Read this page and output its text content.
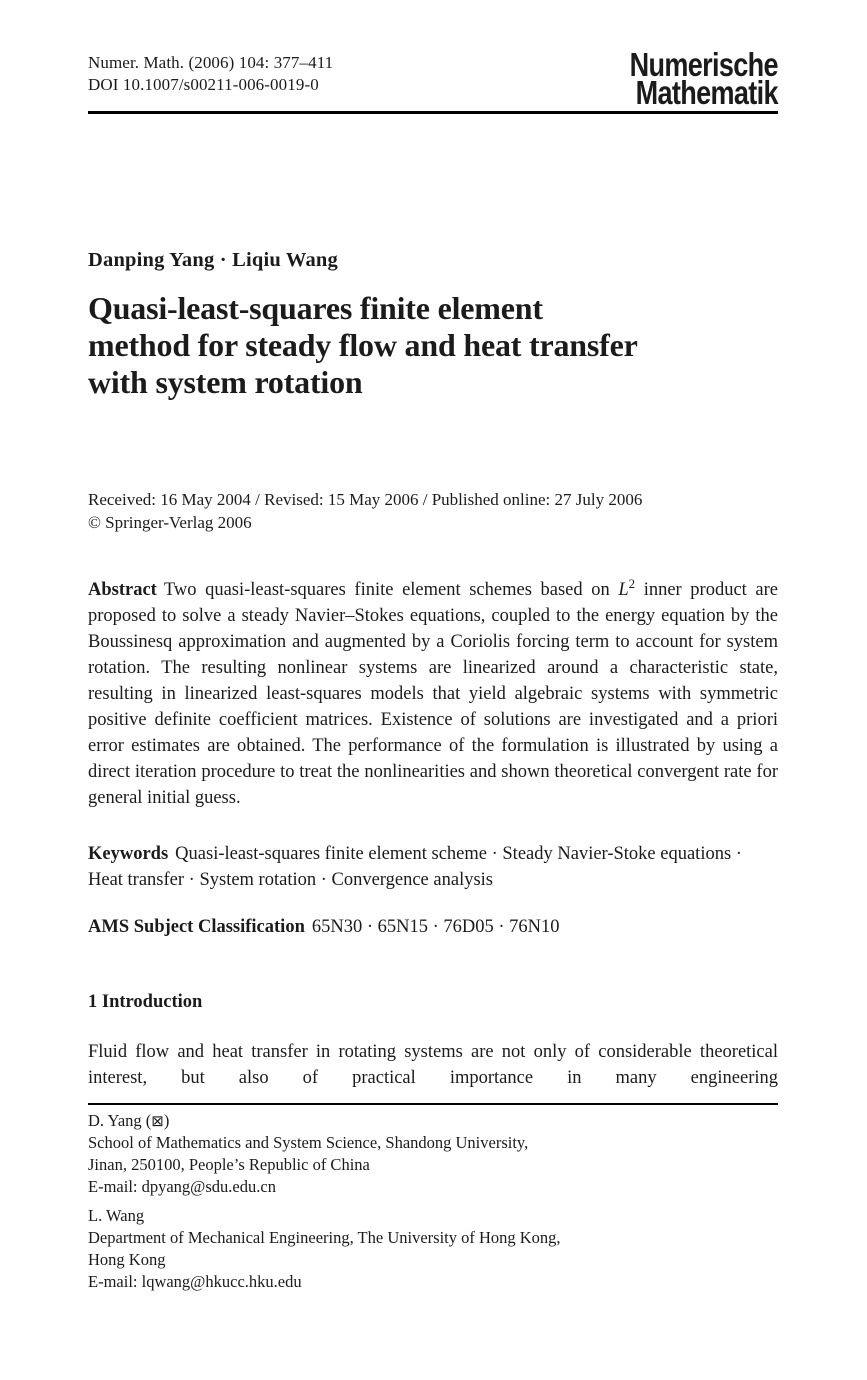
Numer. Math. (2006) 104: 377–411
DOI 10.1007/s00211-006-0019-0
Numerische
Mathematik
Danping Yang · Liqiu Wang
Quasi-least-squares finite element
method for steady flow and heat transfer
with system rotation
Received: 16 May 2004 / Revised: 15 May 2006 / Published online: 27 July 2006
© Springer-Verlag 2006

Abstract Two quasi-least-squares finite element schemes based on $L^2$ inner product are proposed to solve a steady Navier–Stokes equations, coupled to the energy equation by the Boussinesq approximation and augmented by a Coriolis forcing term to account for system rotation. The resulting nonlinear systems are linearized around a characteristic state, resulting in linearized least-squares models that yield algebraic systems with symmetric positive definite coefficient matrices. Existence of solutions are investigated and a priori error estimates are obtained. The performance of the formulation is illustrated by using a direct iteration procedure to treat the nonlinearities and shown theoretical convergent rate for general initial guess.

Keywords Quasi-least-squares finite element scheme · Steady Navier-Stoke equations · Heat transfer · System rotation · Convergence analysis

AMS Subject Classification 65N30 · 65N15 · 76D05 · 76N10

1 Introduction

Fluid flow and heat transfer in rotating systems are not only of considerable theoretical interest, but also of practical importance in many engineering

D. Yang (⊠)
School of Mathematics and System Science, Shandong University,
Jinan, 250100, People’s Republic of China
E-mail: dpyang@sdu.edu.cn
L. Wang
Department of Mechanical Engineering, The University of Hong Kong,
Hong Kong
E-mail: lqwang@hkucc.hku.edu
